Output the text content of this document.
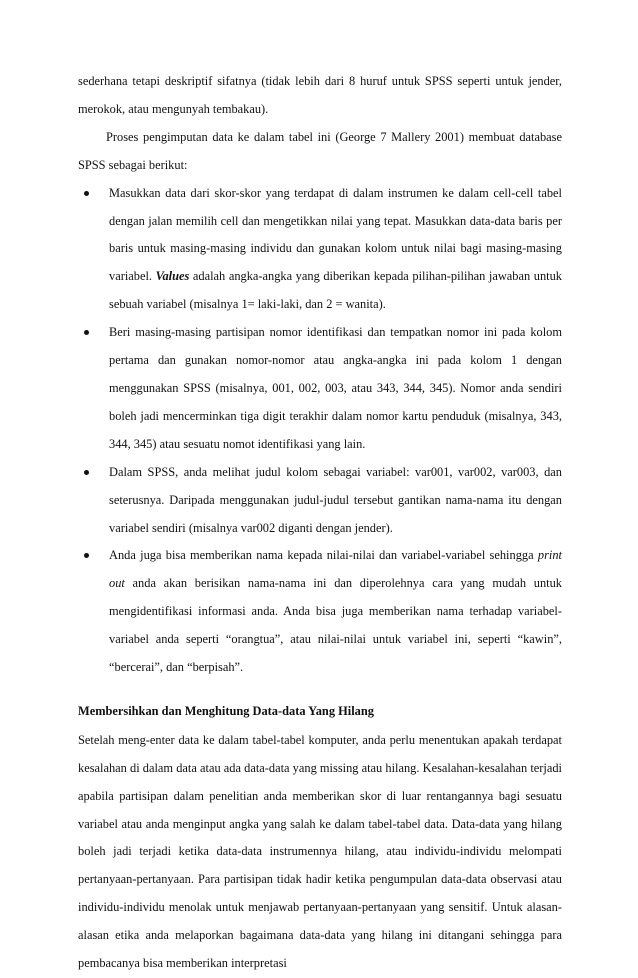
sederhana tetapi deskriptif sifatnya (tidak lebih dari 8 huruf untuk SPSS seperti untuk jender, merokok, atau mengunyah tembakau).

Proses pengimputan data ke dalam tabel ini (George 7 Mallery 2001) membuat database SPSS sebagai berikut:

Masukkan data dari skor-skor yang terdapat di dalam instrumen ke dalam cell-cell tabel dengan jalan memilih cell dan mengetikkan nilai yang tepat. Masukkan data-data baris per baris untuk masing-masing individu dan gunakan kolom untuk nilai bagi masing-masing variabel. Values adalah angka-angka yang diberikan kepada pilihan-pilihan jawaban untuk sebuah variabel (misalnya 1= laki-laki, dan 2 = wanita).
Beri masing-masing partisipan nomor identifikasi dan tempatkan nomor ini pada kolom pertama dan gunakan nomor-nomor atau angka-angka ini pada kolom 1 dengan menggunakan SPSS (misalnya, 001, 002, 003, atau 343, 344, 345). Nomor anda sendiri boleh jadi mencerminkan tiga digit terakhir dalam nomor kartu penduduk (misalnya, 343, 344, 345) atau sesuatu nomot identifikasi yang lain.
Dalam SPSS, anda melihat judul kolom sebagai variabel: var001, var002, var003, dan seterusnya. Daripada menggunakan judul-judul tersebut gantikan nama-nama itu dengan variabel sendiri (misalnya var002 diganti dengan jender).
Anda juga bisa memberikan nama kepada nilai-nilai dan variabel-variabel sehingga print out anda akan berisikan nama-nama ini dan diperolehnya cara yang mudah untuk mengidentifikasi informasi anda. Anda bisa juga memberikan nama terhadap variabel-variabel anda seperti “orangtua”, atau nilai-nilai untuk variabel ini, seperti “kawin”, “bercerai”, dan “berpisah”.

Membersihkan dan Menghitung Data-data Yang Hilang

Setelah meng-enter data ke dalam tabel-tabel komputer, anda perlu menentukan apakah terdapat kesalahan di dalam data atau ada data-data yang missing atau hilang. Kesalahan-kesalahan terjadi apabila partisipan dalam penelitian anda memberikan skor di luar rentangannya bagi sesuatu variabel atau anda menginput angka yang salah ke dalam tabel-tabel data. Data-data yang hilang boleh jadi terjadi ketika data-data instrumennya hilang, atau individu-individu melompati pertanyaan-pertanyaan. Para partisipan tidak hadir ketika pengumpulan data-data observasi atau individu-individu menolak untuk menjawab pertanyaan-pertanyaan yang sensitif. Untuk alasan-alasan etika anda melaporkan bagaimana data-data yang hilang ini ditangani sehingga para pembacanya bisa memberikan interpretasi
